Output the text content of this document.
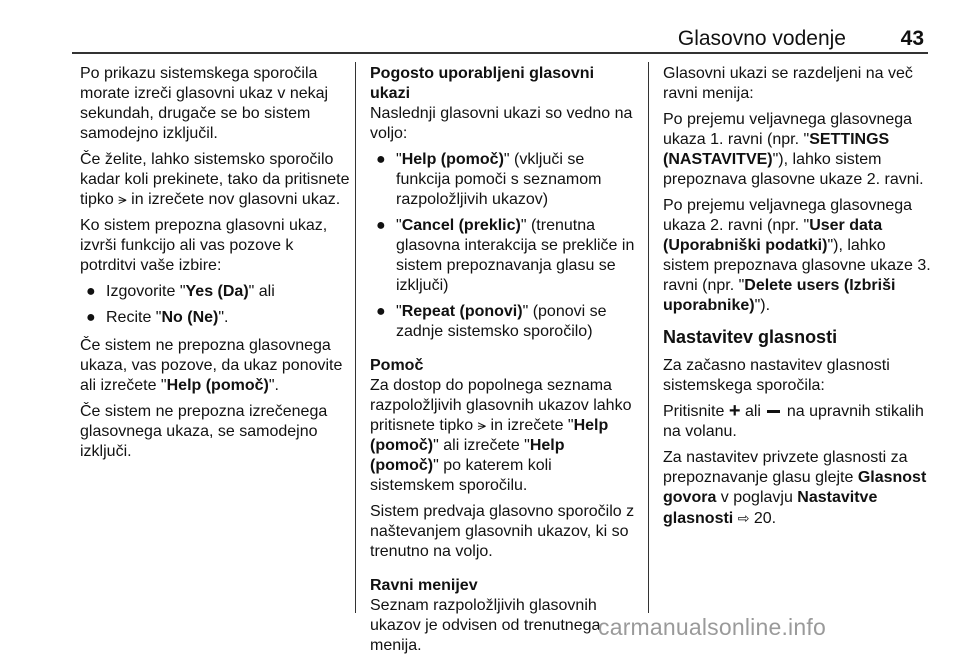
Glasovno vodenje	43

Po prikazu sistemskega sporočila morate izreči glasovni ukaz v nekaj sekundah, drugače se bo sistem samodejno izključil.

Če želite, lahko sistemsko sporočilo kadar koli prekinete, tako da pritisnete tipko ⪫ in izrečete nov glasovni ukaz.

Ko sistem prepozna glasovni ukaz, izvrši funkcijo ali vas pozove k potrditvi vaše izbire:

● Izgovorite "Yes (Da)" ali
● Recite "No (Ne)".

Če sistem ne prepozna glasovnega ukaza, vas pozove, da ukaz ponovite ali izrečete "Help (pomoč)".

Če sistem ne prepozna izrečenega glasovnega ukaza, se samodejno izključi.

Pogosto uporabljeni glasovni ukazi

Naslednji glasovni ukazi so vedno na voljo:

● "Help (pomoč)" (vključi se funkcija pomoči s seznamom razpoložljivih ukazov)
● "Cancel (preklic)" (trenutna glasovna interakcija se prekliče in sistem prepoznavanja glasu se izključi)
● "Repeat (ponovi)" (ponovi se zadnje sistemsko sporočilo)
Pomoč

Za dostop do popolnega seznama razpoložljivih glasovnih ukazov lahko pritisnete tipko ⪫ in izrečete "Help (pomoč)" ali izrečete "Help (pomoč)" po katerem koli sistemskem sporočilu.

Sistem predvaja glasovno sporočilo z naštevanjem glasovnih ukazov, ki so trenutno na voljo.

Ravni menijev

Seznam razpoložljivih glasovnih ukazov je odvisen od trenutnega menija.

Glasovni ukazi se razdeljeni na več ravni menija:

Po prejemu veljavnega glasovnega ukaza 1. ravni (npr. "SETTINGS (NASTAVITVE)"), lahko sistem prepoznava glasovne ukaze 2. ravni.

Po prejemu veljavnega glasovnega ukaza 2. ravni (npr. "User data (Uporabniški podatki)"), lahko sistem prepoznava glasovne ukaze 3. ravni (npr. "Delete users (Izbriši uporabnike)").

Nastavitev glasnosti

Za začasno nastavitev glasnosti sistemskega sporočila:

Pritisnite + ali na upravnih stikalih na volanu.

Za nastavitev privzete glasnosti za prepoznavanje glasu glejte Glasnost govora v poglavju Nastavitve glasnosti ⇨ 20.

carmanualsonline.info
